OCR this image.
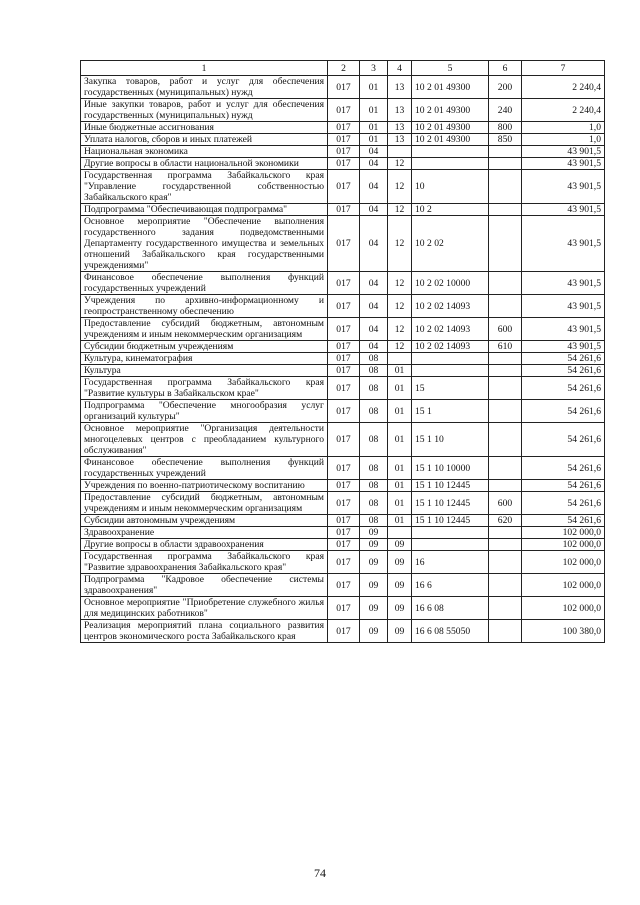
1	2	3	4	5	6	7
Закупка товаров, работ и услуг для обеспечения государственных (муниципальных) нужд	017	01	13	10 2 01 49300	200	2 240,4
Иные закупки товаров, работ и услуг для обеспечения государственных (муниципальных) нужд	017	01	13	10 2 01 49300	240	2 240,4
Иные бюджетные ассигнования	017	01	13	10 2 01 49300	800	1,0
Уплата налогов, сборов и иных платежей	017	01	13	10 2 01 49300	850	1,0
Национальная экономика	017	04				43 901,5
Другие вопросы в области национальной экономики	017	04	12			43 901,5
Государственная программа Забайкальского края "Управление государственной собственностью Забайкальского края"	017	04	12	10		43 901,5
Подпрограмма "Обеспечивающая подпрограмма"	017	04	12	10 2		43 901,5
Основное мероприятие "Обеспечение выполнения государственного задания подведомственными Департаменту государственного имущества и земельных отношений Забайкальского края государственными учреждениями"	017	04	12	10 2 02		43 901,5
Финансовое обеспечение выполнения функций государственных учреждений	017	04	12	10 2 02 10000		43 901,5
Учреждения по архивно-информационному и геопространственному обеспечению	017	04	12	10 2 02 14093		43 901,5
Предоставление субсидий бюджетным, автономным учреждениям и иным некоммерческим организациям	017	04	12	10 2 02 14093	600	43 901,5
Субсидии бюджетным учреждениям	017	04	12	10 2 02 14093	610	43 901,5
Культура, кинематография	017	08				54 261,6
Культура	017	08	01			54 261,6
Государственная программа Забайкальского края "Развитие культуры в Забайкальском крае"	017	08	01	15		54 261,6
Подпрограмма "Обеспечение многообразия услуг организаций культуры"	017	08	01	15 1		54 261,6
Основное мероприятие "Организация деятельности многоцелевых центров с преобладанием культурного обслуживания"	017	08	01	15 1 10		54 261,6
Финансовое обеспечение выполнения функций государственных учреждений	017	08	01	15 1 10 10000		54 261,6
Учреждения по военно-патриотическому воспитанию	017	08	01	15 1 10 12445		54 261,6
Предоставление субсидий бюджетным, автономным учреждениям и иным некоммерческим организациям	017	08	01	15 1 10 12445	600	54 261,6
Субсидии автономным учреждениям	017	08	01	15 1 10 12445	620	54 261,6
Здравоохранение	017	09				102 000,0
Другие вопросы в области здравоохранения	017	09	09			102 000,0
Государственная программа Забайкальского края "Развитие здравоохранения Забайкальского края"	017	09	09	16		102 000,0
Подпрограмма "Кадровое обеспечение системы здравоохранения"	017	09	09	16 6		102 000,0
Основное мероприятие "Приобретение служебного жилья для медицинских работников"	017	09	09	16 6 08		102 000,0
Реализация мероприятий плана социального развития центров экономического роста Забайкальского края	017	09	09	16 6 08 55050		100 380,0
74
